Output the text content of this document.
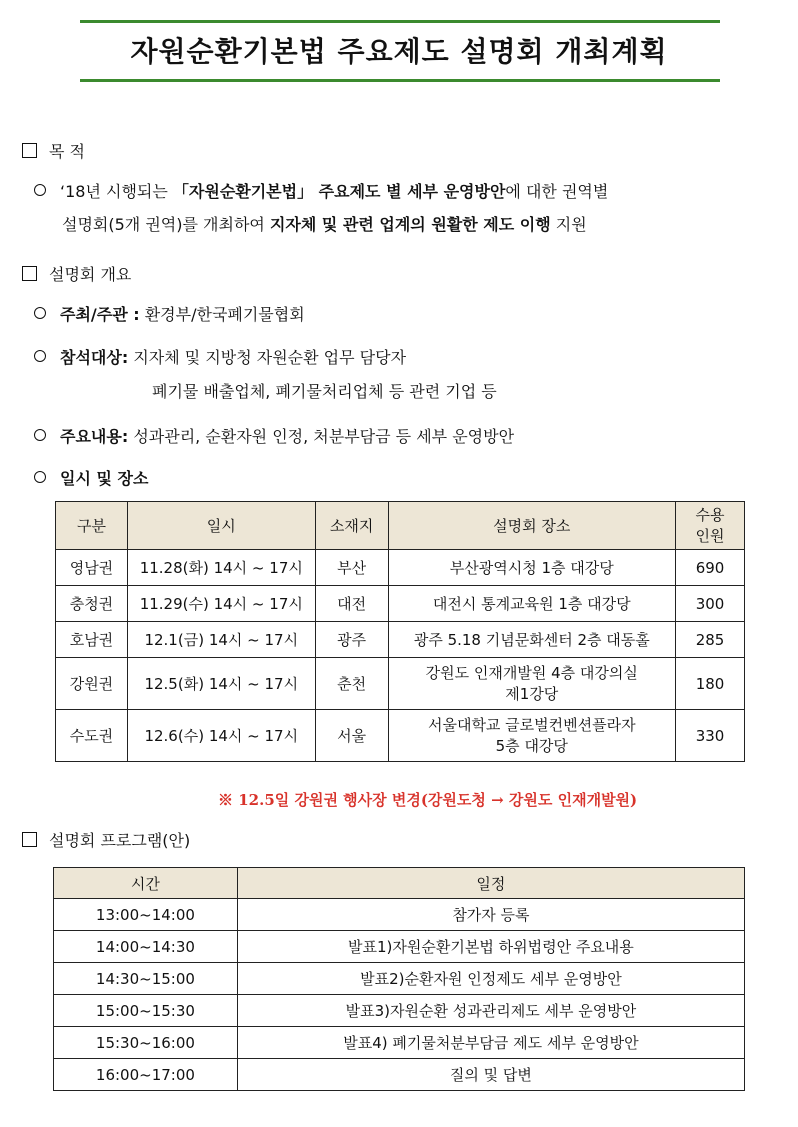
자원순환기본법 주요제도 설명회 개최계획
목 적
‘18년 시행되는 「자원순환기본법」 주요제도 별 세부 운영방안에 대한 권역별
설명회(5개 권역)를 개최하여 지자체 및 관련 업계의 원활한 제도 이행 지원
설명회 개요
주최/주관 : 환경부/한국폐기물협회
참석대상: 지자체 및 지방청 자원순환 업무 담당자
폐기물 배출업체, 폐기물처리업체 등 관련 기업 등
주요내용: 성과관리, 순환자원 인정, 처분부담금 등 세부 운영방안
일시 및 장소
구분	일시	소재지	설명회 장소	수용
인원
영남권	11.28(화) 14시 ~ 17시	부산	부산광역시청 1층 대강당	690
충청권	11.29(수) 14시 ~ 17시	대전	대전시 통계교육원 1층 대강당	300
호남권	12.1(금) 14시 ~ 17시	광주	광주 5.18 기념문화센터 2층 대동홀	285
강원권	12.5(화) 14시 ~ 17시	춘천	강원도 인재개발원 4층 대강의실
제1강당	180
수도권	12.6(수) 14시 ~ 17시	서울	서울대학교 글로벌컨벤션플라자
5층 대강당	330
※ 12.5일 강원권 행사장 변경(강원도청 → 강원도 인재개발원)
설명회 프로그램(안)
시간	일정
13:00~14:00	참가자 등록
14:00~14:30	발표1)자원순환기본법 하위법령안 주요내용
14:30~15:00	발표2)순환자원 인정제도 세부 운영방안
15:00~15:30	발표3)자원순환 성과관리제도 세부 운영방안
15:30~16:00	발표4) 폐기물처분부담금 제도 세부 운영방안
16:00~17:00	질의 및 답변
